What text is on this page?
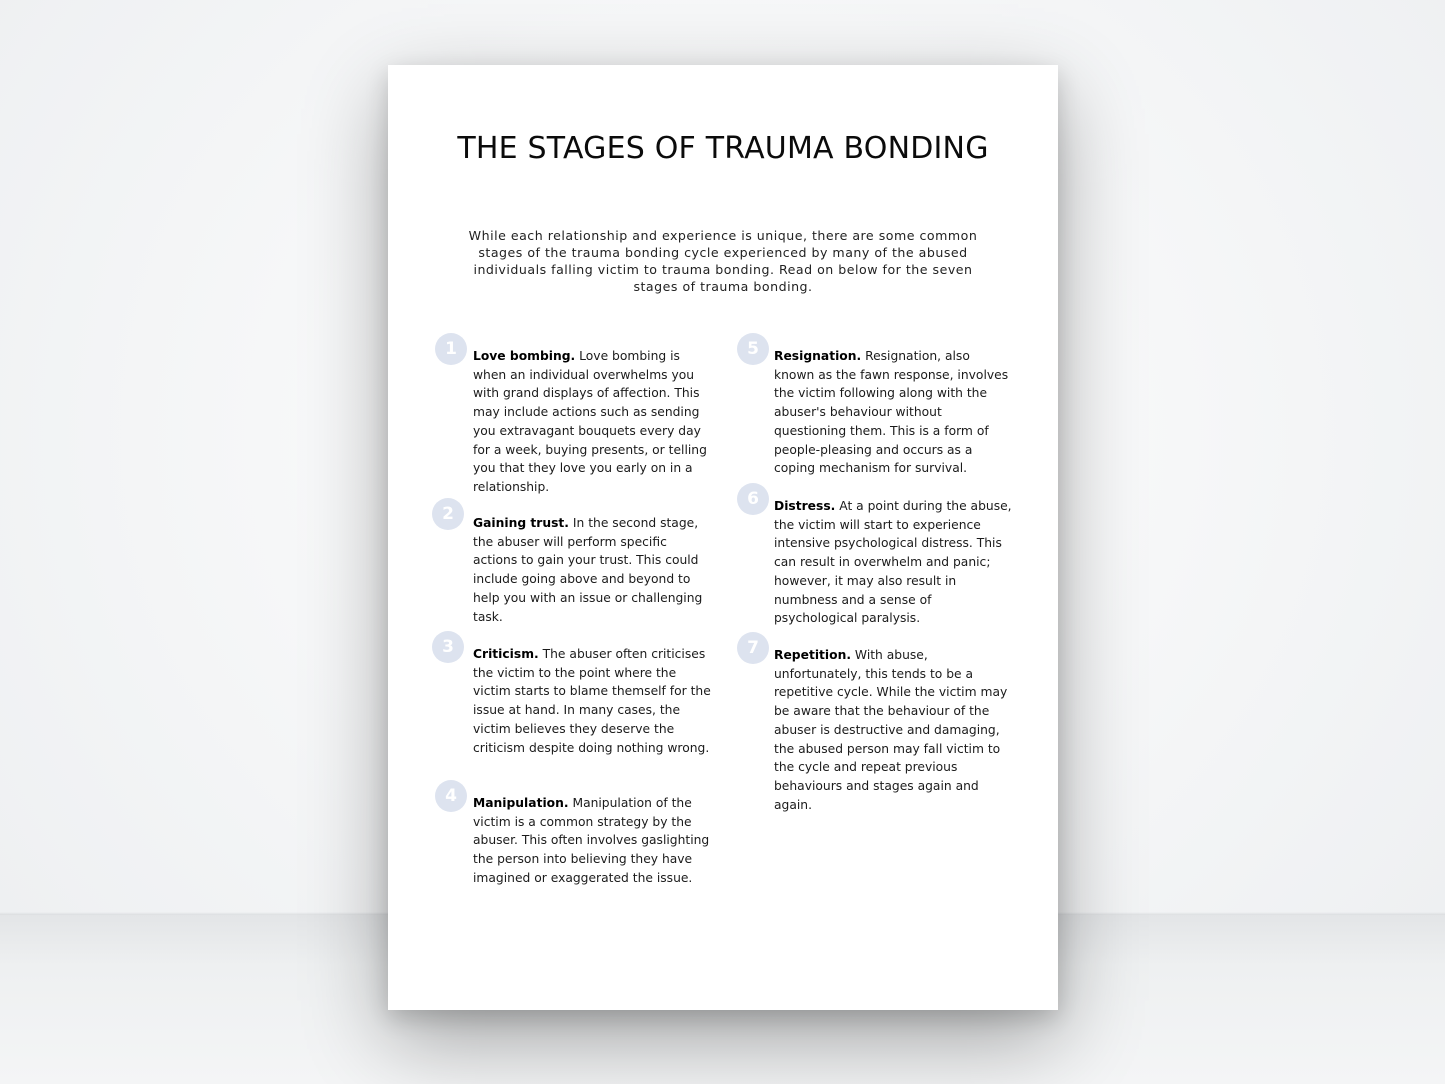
THE STAGES OF TRAUMA BONDING

While each relationship and experience is unique, there are some common stages of the trauma bonding cycle experienced by many of the abused individuals falling victim to trauma bonding. Read on below for the seven stages of trauma bonding.

1	Love bombing. Love bombing is when an individual overwhelms you with grand displays of affection. This may include actions such as sending you extravagant bouquets every day for a week, buying presents, or telling you that they love you early on in a relationship.

2	Gaining trust. In the second stage, the abuser will perform specific actions to gain your trust. This could include going above and beyond to help you with an issue or challenging task.

3	Criticism. The abuser often criticises the victim to the point where the victim starts to blame themself for the issue at hand. In many cases, the victim believes they deserve the criticism despite doing nothing wrong.

4	Manipulation. Manipulation of the victim is a common strategy by the abuser. This often involves gaslighting the person into believing they have imagined or exaggerated the issue.

5	Resignation. Resignation, also known as the fawn response, involves the victim following along with the abuser's behaviour without questioning them. This is a form of people-pleasing and occurs as a coping mechanism for survival.

6	Distress. At a point during the abuse, the victim will start to experience intensive psychological distress. This can result in overwhelm and panic; however, it may also result in numbness and a sense of psychological paralysis.

7	Repetition. With abuse, unfortunately, this tends to be a repetitive cycle. While the victim may be aware that the behaviour of the abuser is destructive and damaging, the abused person may fall victim to the cycle and repeat previous behaviours and stages again and again.
